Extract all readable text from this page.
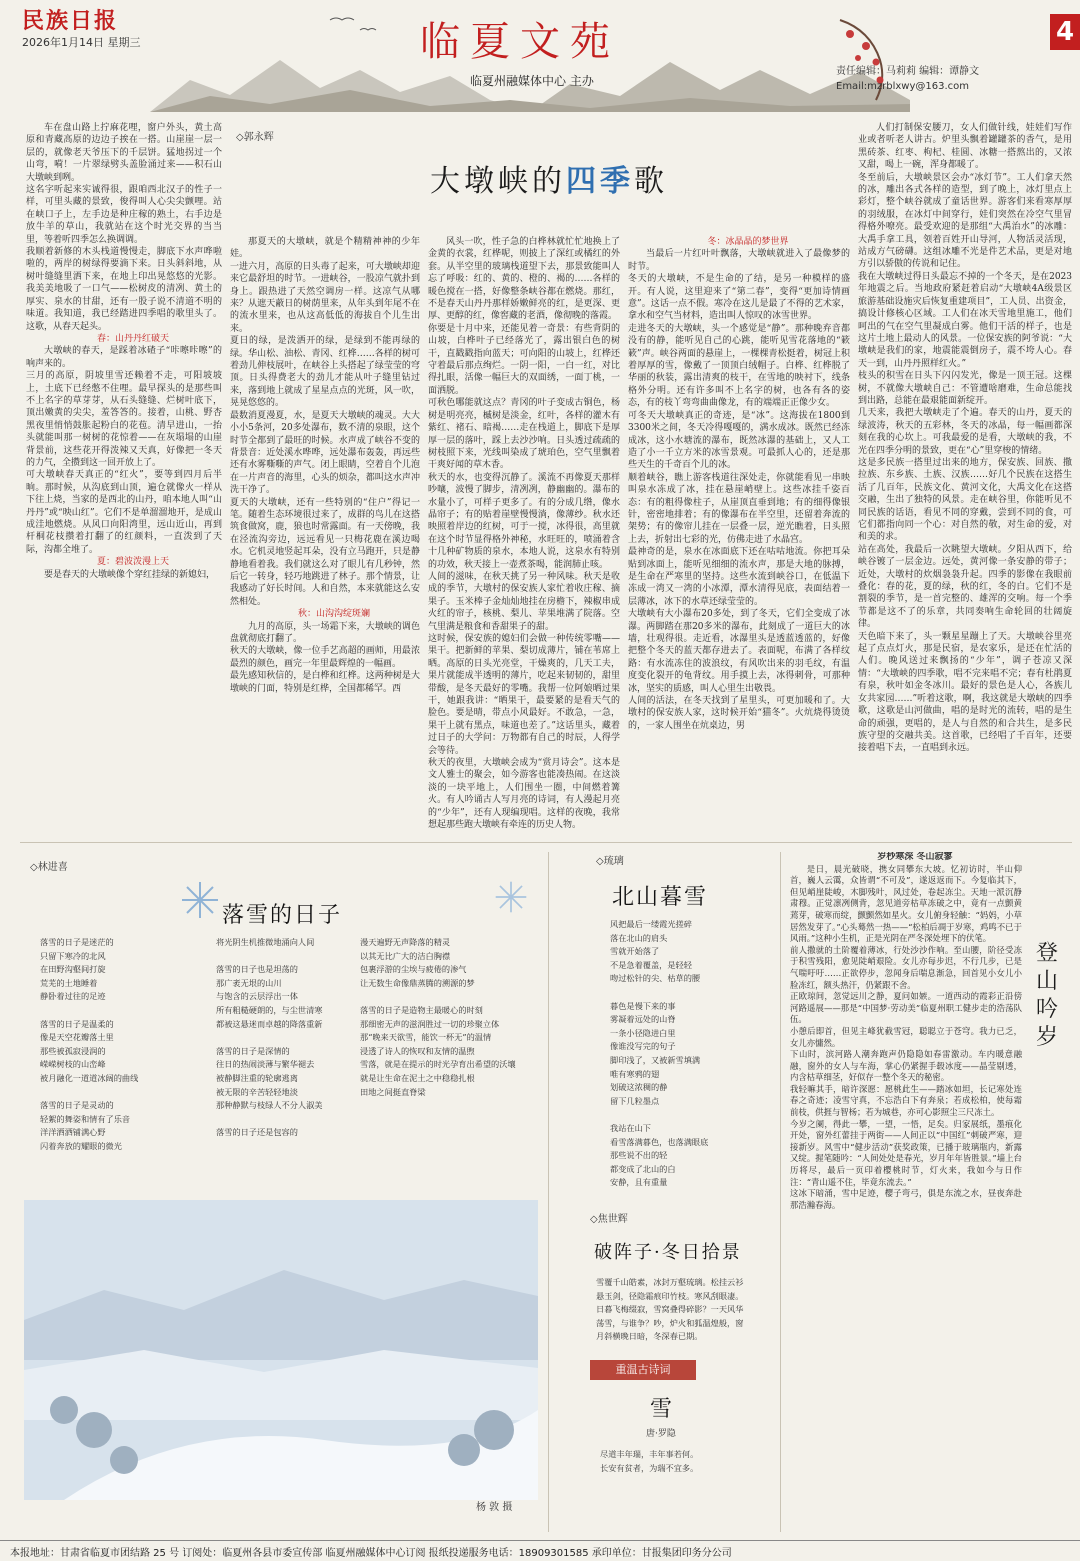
民族日报
2026年1月14日 星期三	临夏文苑
临夏州融媒体中心 主办
责任编辑：马莉莉 编辑：谭静文
Email:mzrblxwy@163.com
4
◇郭永辉
大墩峡的四季歌

车在盘山路上拧麻花哩，窗户外头，黄土高原和青藏高原的边边子挨在一搭。山崖崖一层一层的，就像老天爷压下的千层饼。猛地拐过一个山弯，嗬！一片翠绿劈头盖脸涌过来——积石山大墩峡到咧。
这名字听起来实诚得很，跟咱西北汉子的性子一样，可里头藏的景致，俊得叫人心尖尖颤哩。站在峡口子上，左手边是种庄稼的熟土，右手边是放牛羊的草山，我就站在这个时光交界的当当里，等着听四季怎么换调调。
我顺着新修的木头栈道慢慢走，脚底下水声哗啦啦的，两岸的树绿得要滴下来。日头斜斜地，从树叶缝缝里洒下来，在地上印出晃悠悠的光影。我美美地吸了一口气——松树皮的清冽、黄土的厚实、泉水的甘甜，还有一股子说不清道不明的味道。我知道，我已经踏进四季唱的歌里头了。这歌，从春天起头。

春：山丹丹红破天

大墩峡的春天，是踩着冰碴子“咔嚓咔嚓”的响声来的。
三月的高原，阴坡里雪还赖着不走，可阳坡坡上，土底下已经憋不住哩。最早探头的是那些叫不上名字的草芽芽，从石头缝缝、烂树叶底下，顶出嫩黄的尖尖，羞答答的。接着，山桃、野杏黑夜里悄悄鼓胀起粉白的花苞。清早进山，一抬头就能叫那一树树的花惊着——在灰塌塌的山崖背景前，这些花开得泼辣又天真，好像把一冬天的力气，全攒到这一回开放上了。
可大墩峡春天真正的“红火”，要等到四月后半晌。那时候，从沟底到山顶，遍仓就像火一样从下往上烧，当家的是西北的山丹，咱本地人叫“山丹丹”或“映山红”。它们不是单溜溜地开，是成山成洼地燃烧。从风口向阳湾里，远山近山，再到杆桐花枝攒着打翻了的红颜料，一直泼到了天际，沟都全堆了。

夏：碧波泼漫上天

要是春天的大墩峡像个穿红挂绿的新媳妇，

那夏天的大墩峡，就是个精精神神的少年娃。
一进六月，高原的日头毒了起来，可大墩峡却迎来它最舒坦的时节。一进峡谷，一股凉气就扑到身上。跟热进了天然空调房一样。这凉气从哪来？从遮天蔽日的树荫里来，从年头到年尾不在的流水里来，也从这高低低的海拔自个儿生出来。
夏日的绿，是泼洒开的绿，是绿到不能再绿的绿。华山松、油松、青冈、红桦……各样的树可着劲儿伸枝展叶，在峡谷上头搭起了绿莹莹的穹顶。日头得费老大的劲儿才能从叶子缝里钻过来，落到地上就成了星星点点的光斑，风一吹，晃晃悠悠的。
最数消夏漫夏，水，是夏天大墩峡的魂灵。大大小小5条河，20多处瀑布，数不清的泉眼，这个时节全都到了最旺的时候。水声成了峡谷不变的背景音：近处溪水哗哗，远处瀑布轰轰，再远些还有水雾嘶嘶的声气。闭上眼睛，空着自个儿泡在一片声音的海里，心头的烦杂，都叫这水声冲洗干净了。
夏天的大墩峡，还有一些特别的“住户”得记一笔。随着生态环境很过来了，成群的鸟儿在这搭筑食做窝，鹿，狼也时常露面。有一天傍晚，我在泾流沟旁边，远远看见一只梅花鹿在溪边喝水。它机灵地竖起耳朵，没有立马跑开，只是静静地看着我。我们就这么对了眼儿有几秒钟，然后它一转身，轻巧地跳进了林子。那个情景，让我感动了好长时间。人和自然，本来就能这么安然相处。

秋：山沟沟绽斑斓

九月的高原，头一场霜下来，大墩峡的调色盘就彻底打翻了。
秋天的大墩峡，像一位手艺高超的画师，用最浓最烈的颜色，画完一年里最辉煌的一幅画。
最先感知秋信的，是白桦和红桦。这两种树是大墩峡的门面，特别是红桦，全国都稀罕。西

风头一吹，性子急的白桦林就忙忙地换上了金黄的衣裳，红桦呢，则披上了深红或橘红的外套。从半空里的玻璃栈道望下去，那景致能叫人忘了呼吸：红的、黄的、橙的、褐的……各样的暖色搅在一搭，好像整条峡谷都在燃烧。那红，不是春天山丹丹那样娇嫩鲜亮的红，是更深、更厚、更醇的红，像窖藏的老酒，像彻晚的落霞。
你要是十月中来，还能见着一奇景：有些背阴的山坡，白桦叶子已经落光了，露出银白色的树干，直戳戳指向蓝天；可向阳的山坡上，红桦还守着最后那点绚烂。一阴一阳，一白一红，对比得扎眼，活像一幅巨大的双面绣，一面丁桃，一面洒脱。
可秋色哪能就这点？青冈的叶子变成古铜色，杨树是明亮亮，槭树是淡金，红叶，各样的灌木有紫红、褚石、暗褐……走在栈道上，脚底下是厚厚一层的落叶，踩上去沙沙响。日头透过疏疏的树枝照下来，光线叫染成了琥珀色，空气里飘着干爽好闻的草木香。
秋天的水，也变得沉静了。溪流不再像夏天那样吵嚷，波慢了脚步，清冽冽，静幽幽的。瀑布的水量小了，可样子更多了。有的分成几绺，像水晶帘子；有的贴着崖壁慢慢淌，像薄纱。秋水还映照着岸边的红树，可于一搅，冰得很，高里就在这个时节显得格外神秘，水旺旺的，喷涌着含十几种矿物质的泉水，本地人说，这泉水有特别的功效，秋天接上一壶煮茶喝，能润肺止咳。
人间的滋味，在秋天挑了另一种风味。秋天是收成的季节，大墩村的保安族人家忙着收庄稼、摘果子。玉米棒子金灿灿地挂在房檐下，辣椒串成火红的帘子，核桃、梨儿、苹果堆满了院落。空气里满是粮食和香甜果子的甜。
这时候，保安族的媳妇们会做一种传统零嘴——果干。把新鲜的苹果、梨切成薄片，铺在苇席上晒。高原的日头光亮堂，干燥爽的，几天工夫，果片就能成半透明的薄片，吃起来韧韧的，甜里带酸，是冬天最好的零嘴。我帮一位阿娘晒过果干，她跟我讲：“晒果干，最要紧的是看天气的脸色。要是晴，带点小风最好。不敢急，一急，果干上就有黑点，味道也差了。”这话里头，藏着过日子的大学问：万物都有自己的时辰，人得学会等待。
秋天的夜里，大墩峡会成为“赏月诗会”。这本是文人雅士的聚会，如今游客也能凑热闹。在这淡淡的一块平地上，人们围坐一圈，中间燃着篝火。有人吟诵古人写月亮的诗词，有人漫起月亮的“少年”，还有人现编现唱。这样的夜晚，我常想起那些跑大墩峡有牵连的历史人物。

冬：冰晶晶的梦世界

当最后一片红叶叶飘落，大墩峡就进入了最像梦的时节。
冬天的大墩峡，不是生命的了结，是另一种模样的盛开。有人说，这里迎来了“第二春”，变得“更加诗情画意”。这话一点不假。寒冷在这儿是最了不得的艺术家，拿水和空气当材料，造出叫人惊叹的冰雪世界。
走进冬天的大墩峡，头一个感觉是“静”。那种晚弃音都没有的静，能听见自己的心跳，能听见雪花落地的“簌簌”声。峡谷两面的悬崖上，一棵棵青松挺着，树冠上积着厚厚的雪，像戴了一顶顶白绒帽子。白桦、红桦脱了华丽的秋装，露出清爽的枝干，在雪地的映衬下，线条格外分明。还有许多叫不上名字的树，也各有各的姿态，有的枝丫弯弯曲曲像龙，有的端端正正像少女。
可冬天大墩峡真正的奇迹，是“冰”。这海拔在1800到3300米之间，冬天冷得嘎嘎的，满水成冰。既然已经冻成冰，这小水塘流的瀑布，既然冰瀑的基础上，又人工造了小一千立方米的冰雪景观。可最抓人心的，还是那些天生的千奇百个儿的冰。
顺着峡谷，瞧上游客栈道往深处走，你就能看见一串映叫泉水冻成了冰，挂在悬崖峭壁上。这些冰挂千姿百态：有的粗得像柱子，从崖顶直垂到地；有的细得像银针，密密地排着；有的像瀑布在半空里，还留着奔流的架势；有的像帘儿挂在一层叠一层，逆光瞧着，日头照上去，折射出七彩的光，仿佛走进了水晶宫。
最神奇的是，泉水在冰面底下还在咕咕地流。你把耳朵贴到冰面上，能听见细细的流水声，那是大地的脉搏，是生命在严寒里的坚持。这些水流到峡谷口，在低温下冻成一湾又一湾的小冰潭，潭水清得见底，表面结着一层薄冰，冰下的水草还绿莹莹的。
大墩峡有大小瀑布20多处，到了冬天，它们全变成了冰瀑。两脚踏在那20多米的瀑布，此刻成了一道巨大的冰墙，壮观得很。走近看，冰瀑里头是透蓝透蓝的，好像把整个冬天的蓝天都存进去了。表面呢，布满了各样纹路：有水流冻住的波浪纹，有风吹出来的羽毛纹，有温度变化裂开的龟背纹。用手摸上去，冰得刺骨，可那种冰，坚实的质感，叫人心里生出敬畏。
人间的活法，在冬天找到了星里头，可更加暖和了。大墩村的保安族人家，这时候开始“猫冬”。火炕烧得烫烫的，一家人围坐在炕桌边，男

人们打制保安腰刀，女人们做针线，娃娃们写作业或者听老人讲古。炉里头飘着罐罐茶的香气，是用黑砖茶、红枣、枸杞、桂圆、冰糖一搭熬出的，又浓又甜，喝上一碗，浑身都暖了。
冬至前后，大墩峡景区会办“冰灯节”。工人们拿天然的冰，雕出各式各样的造型，到了晚上，冰灯里点上彩灯，整个峡谷就成了童话世界。游客们来看寒厚厚的羽绒服，在冰灯中间穿行，娃们突然在冷空气里冒得格外嘹亮。最受欢迎的是那组“大禹治水”的冰雕：大禹手拿工具，领着百姓开山导河，人物活灵活现，站成方气磅礴。这组冰雕不光是件艺术品，更是对地方引以骄傲的传说和记住。
我在大墩峡过得日头最忘不掉的一个冬天，是在2023年地震之后。当地政府紧赶着启动“大墩峡4A级景区旅游基础设施灾后恢复重建项目”，工人员、出资金，搞设计修核心区域。工人们在冰天雪地里施工，他们呵出的气在空气里凝成白雾。他们干活的样子，也是这片土地上最动人的风景。一位保安族的阿爷说：“大墩峡是我们的家，地震能震倒房子，震不垮人心。春天一到，山丹丹照样红火。”
枝头的积雪在日头下闪闪发光，像是一顶王冠。这棵树，不就像大墩峡自己：不管遭啥磨难，生命总能找到出路，总能在最艰能面新绽开。
几天来，我把大墩峡走了个遍。春天的山丹，夏天的绿波涛，秋天的五彩林，冬天的冰晶，每一幅画都深刻在我的心坎上。可我最爱的是看，大墩峡的我，不光在四季分明的景致，更在“心”里穿梭的情绪。
这是多民族一搭里过出来的地方，保安族、回族、撒拉族、东乡族、土族、汉族……好几个民族在这搭生活了几百年，民族文化、黄河文化，大禹文化在这搭交融，生出了独特的风景。走在峡谷里，你能听见不同民族的话语，看见不同的穿戴，尝到不同的食，可它们都指向同一个心：对自然的敬，对生命的爱，对和美的求。
站在高处，我最后一次眺望大墩峡。夕阳从西下，给峡谷镀了一层金边。远处，黄河像一条安静的带子；近处，大墩村的炊烟袅袅升起。四季的影像在我眼前叠化：春的花，夏的绿，秋的红，冬的白。它们不是割裂的季节，是一首完整的、雄浑的交响。每一个季节都是这不了的乐章，共同奏响生命轮回的壮阔旋律。
天色暗下来了，头一颗星星蹦上了天。大墩峡谷里亮起了点点灯火，那是民宿，是农家乐，是还在忙活的人们。晚风送过来飘扬的“少年”，调子苍凉又深情：“大墩峡的四季歌，唱不完来唱不完；春有杜鹃夏有泉，秋叶如金冬冰川。最好的景色是人心，各族儿女共家园……”听着这歌，啊，我这就是大墩峡的四季歌，这歌是山河做曲，唱的是时光的流转，唱的是生命的顽强，更唱的，是人与自然的和合共生，是多民族守望的交融共美。这首歌，已经唱了千百年，还要接着唱下去，一直唱到永远。

◇林进喜
落雪的日子
落雪的日子是迷茫的
只留下寒冷的北风
在田野沟壑间打旋
荒芜的土地睡着
静卧着过往的足迹

落雪的日子是温柔的
像是天空花瓣落土里
那些被孤寂浸润的
嵘嵘树枝的山峦峰
被月融化一道道冰阔的曲线

落雪的日子是灵动的
轻絮的舞姿和情有了乐音
洋洋洒洒铺满心野
闪着奔放的耀眼的微光
将光阴生机推微地涌向人间

落雪的日子也是坦荡的
那广袤无垠的山川
与饱含的云层浮出一体
所有粗糙硬朗的，与尘世清寒
都被这悬迷而卓越的降落重新

落雪的日子是深情的
往日的热闹淡薄与繁华褪去
被静脚注重的轮廓逃离
被无限的辛苦轻轻地淡
那种静默与枝绿人不分人淑美

落雪的日子还是包容的
漫天遍野无声降落的精灵
以其无比广大的洁白胸襟
包裹浮游的尘埃与疲倦的渗气
让无数生命像鼎蒸腾的溯源的梦

落雪的日子是造物主最暖心的时刻
那细密无声的滋润胜过一切的珍聚立体
那“晚来天欲雪，能饮一杯无”的温情
浸透了诗人的恢叹和友情的温煦
雪落，就是在提示的时光孕育出希望的沃壤
就是让生命在泥土之中稳稳扎根
田地之间挺直脊梁
杨 敦 摄
◇琉璃
北山暮雪
风把最后一缕霞光搓碎
落在北山的肩头
雪就开始落了
不是急着覆盖，是轻轻
吻过松针的尖、枯草的腰

暮色是慢下来的事
雾凝着远处的山脊
一条小径隐进白里
像谁没写完的句子
脚印浅了，又被新雪填满
唯有寒鸦的翅
划破这浓稠的静
留下几粒墨点

我站在山下
看雪落满暮色，也落满眼底
那些说不出的轻
都变成了北山的白
安静，且有重量
◇焦世辉
破阵子·冬日拾景
雪覆千山皓素，冰封万壑琉璃。松挂云衫悬玉剑，径隐霜痕印竹枝。寒风刮眼凄。
日暮飞梅缀寂，雪窝叠得碎影？一天风华荡雪，与谁争？吵，炉火和狐温煌般，窗月斜横晚日暗，冬深春已期。
重温古诗词
雪
唐·罗隐
尽道丰年瑞，丰年事若何。
长安有贫者，为瑞不宜多。
登山吟岁

岁杪寒深 冬山寂寥

是日，晨光破晓，携女同攀东大坡。忆初访时，半山仰首，巍人云霭，众皆谓“不可及”，遂返返而下。今复临其下，但见峭崖陡峻，木脚残叶，风过处，卷起冻尘。天地一派沉静肃穆。正觉凛冽侧背，忽见道旁枯草冻破之中，竟有一点颤黄蔫芽，破寒而绽，颤颤然如星火。女儿俯身轻触：“妈妈，小草居然发芽了。”心头蓦然一热——“松柏后凋于岁寒，鸡鸣不已于风雨。”这种小生机，正是光阴在严冬深处埋下的伏笔。
前人撒就的土阶覆着薄冰，行处沙沙作响。至山腰，阶径受冻于积雪残阳，愈见陡峭艰险。女儿亦每步迟，不行几步，已是气喘吁吁……正欲停步，忽闻身后喘息渐急，回首见小女儿小脸冻红，额头热汗，仍紧跟不舍。
正欧琼间，忽觉远川之静，夏问如嫉。一道西动的霞彩正沿傍河路遥展——那是“中国梦·劳动美”临夏州职工健步走的浩荡队伍。
小憩后即首，但见主峰犹截雪冠，聪聪立于苍穹。我力已乏，女儿亦慵然。
下山时，滨河路人潮奔跑声仍隐隐如春雷激动。车内暖意融融，窗外的女人与车海，掌心仍紧握手毂冰度——晶莹剔透，内含枯草细茎，好似存一整个冬天的秘密。
我轻嘛其手，暗许深愿：愿桃此生——踏冰如坦，长记寒处连春之奇迹；凌雪守真，不忘浩白下有奔泉；若成松柏，使每霜前枝，供捱与智杨；若为城巷，亦可心影照尘三尺冻土。
今岁之阑，得此一攀，一望，一悟，足矣。归家展纸，墨痕化开处，窗外红蕾挂于两街——人间正以“中国红”刺破严寒，迎接新岁。风雪中“健步活动”获奖政策，已播于玻璃瓶内，新露又绽。握笔随吟：“人间处处是春光，岁月年年皆胜景。”墙上台历将尽，最后一页印着樱桃时节，灯火来，我如今与日作注：“青山遥不住，毕竟东流去。”
这冰下暗涌，雪中足迹，樱子弯弓，俱是东流之水，昼夜奔赴那浩瀚春海。

本报地址：甘肃省临夏市团结路 25 号 订阅处：临夏州各县市委宣传部 临夏州融媒体中心订阅 报纸投递服务电话：18909301585 承印单位：甘报集团印务分公司
